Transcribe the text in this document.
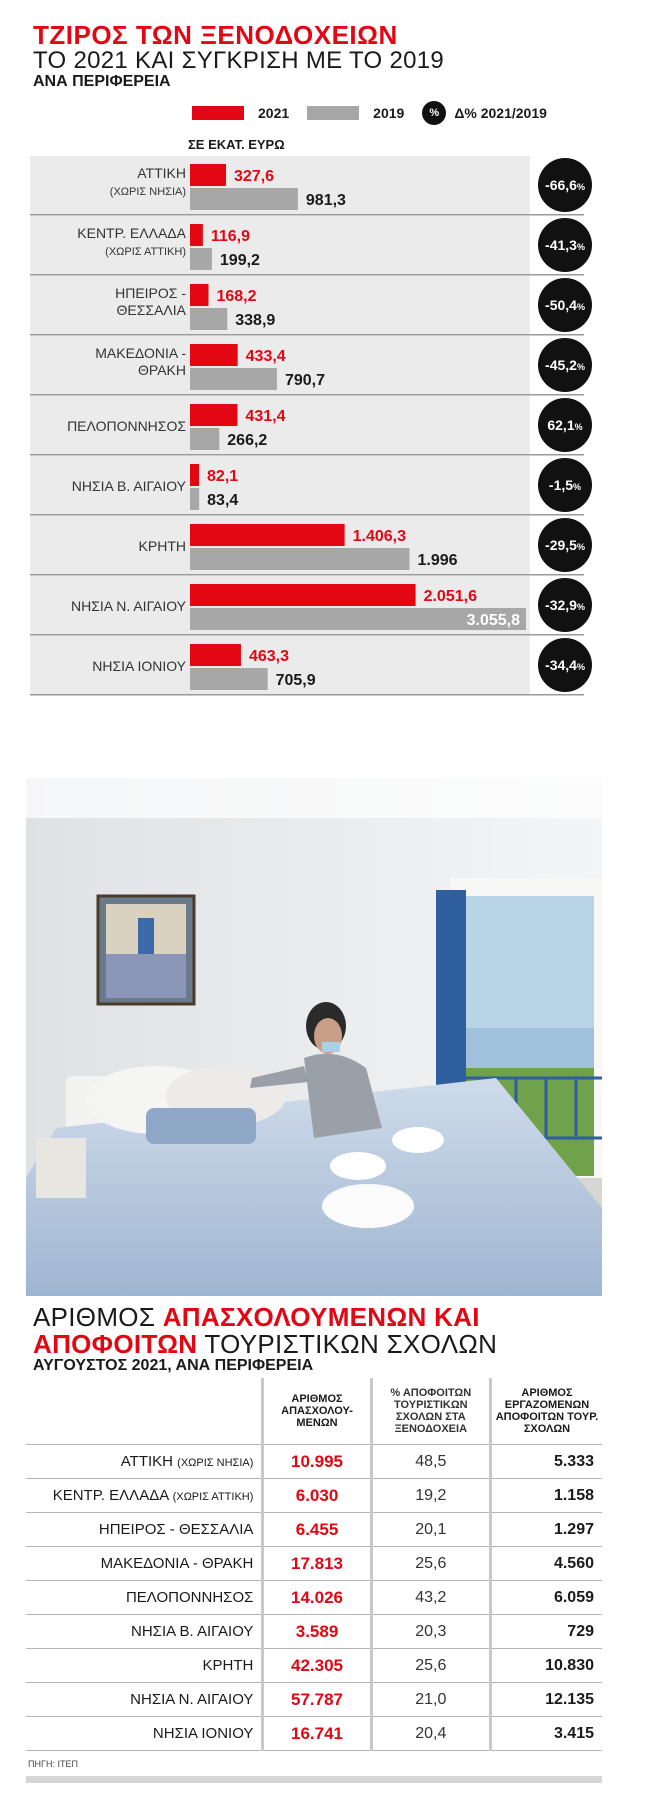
ΤΖΙΡΟΣ ΤΩΝ ΞΕΝΟΔΟΧΕΙΩΝ
ΤΟ 2021 ΚΑΙ ΣΥΓΚΡΙΣΗ ΜΕ ΤΟ 2019
ΑΝΑ ΠΕΡΙΦΕΡΕΙΑ
2021	2019	%	Δ% 2021/2019
ΣΕ ΕΚΑΤ. ΕΥΡΩ
ΑΤΤΙΚΗ
(ΧΩΡΙΣ ΝΗΣΙΑ)
327,6
981,3
-66,6%
ΚΕΝΤΡ. ΕΛΛΑΔΑ
(ΧΩΡΙΣ ΑΤΤΙΚΗ)
116,9
199,2
-41,3%
ΗΠΕΙΡΟΣ -
ΘΕΣΣΑΛΙΑ
168,2
338,9
-50,4%
ΜΑΚΕΔΟΝΙΑ -
ΘΡΑΚΗ
433,4
790,7
-45,2%
ΠΕΛΟΠΟΝΝΗΣΟΣ
431,4
266,2
62,1%
ΝΗΣΙΑ Β. ΑΙΓΑΙΟΥ
82,1
83,4
-1,5%
ΚΡΗΤΗ
1.406,3
1.996
-29,5%
ΝΗΣΙΑ Ν. ΑΙΓΑΙΟΥ
2.051,6
3.055,8
-32,9%
ΝΗΣΙΑ ΙΟΝΙΟΥ
463,3
705,9
-34,4%
ΑΡΙΘΜΟΣ ΑΠΑΣΧΟΛΟΥΜΕΝΩΝ ΚΑΙ
ΑΠΟΦΟΙΤΩΝ ΤΟΥΡΙΣΤΙΚΩΝ ΣΧΟΛΩΝ
ΑΥΓΟΥΣΤΟΣ 2021, ΑΝΑ ΠΕΡΙΦΕΡΕΙΑ
	ΑΡΙΘΜΟΣ ΑΠΑΣΧΟΛΟΥ-ΜΕΝΩΝ	% ΑΠΟΦΟΙΤΩΝ ΤΟΥΡΙΣΤΙΚΩΝ ΣΧΟΛΩΝ ΣΤΑ ΞΕΝΟΔΟΧΕΙΑ	ΑΡΙΘΜΟΣ ΕΡΓΑΖΟΜΕΝΩΝ ΑΠΟΦΟΙΤΩΝ ΤΟΥΡ. ΣΧΟΛΩΝ
ΑΤΤΙΚΗ (ΧΩΡΙΣ ΝΗΣΙΑ)	10.995	48,5	5.333
ΚΕΝΤΡ. ΕΛΛΑΔΑ (ΧΩΡΙΣ ΑΤΤΙΚΗ)	6.030	19,2	1.158
ΗΠΕΙΡΟΣ - ΘΕΣΣΑΛΙΑ	6.455	20,1	1.297
ΜΑΚΕΔΟΝΙΑ - ΘΡΑΚΗ	17.813	25,6	4.560
ΠΕΛΟΠΟΝΝΗΣΟΣ	14.026	43,2	6.059
ΝΗΣΙΑ Β. ΑΙΓΑΙΟΥ	3.589	20,3	729
ΚΡΗΤΗ	42.305	25,6	10.830
ΝΗΣΙΑ Ν. ΑΙΓΑΙΟΥ	57.787	21,0	12.135
ΝΗΣΙΑ ΙΟΝΙΟΥ	16.741	20,4	3.415
ΠΗΓΗ: ΙΤΕΠ
